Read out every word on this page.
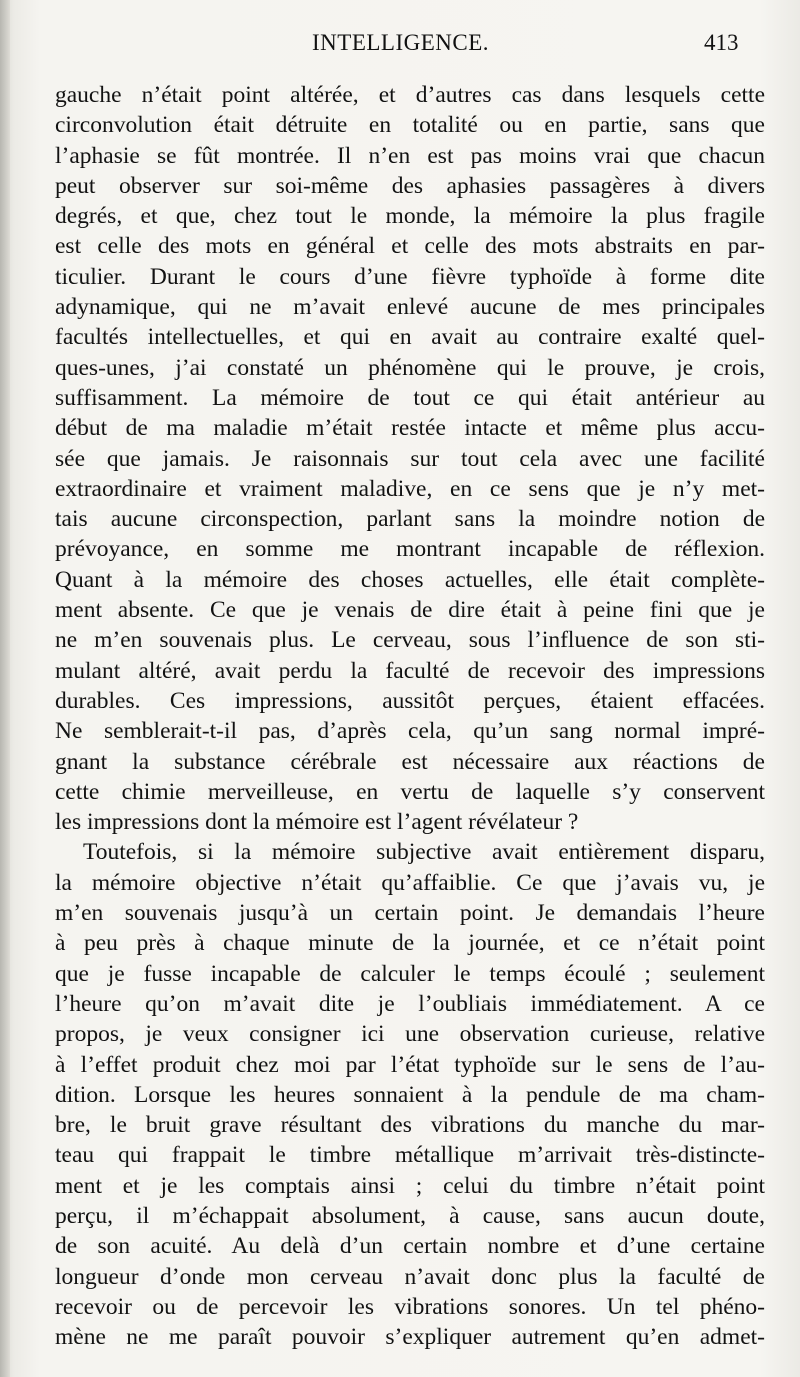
INTELLIGENCE.	413
gauche n’était point altérée, et d’autres cas dans lesquels cette
circonvolution était détruite en totalité ou en partie, sans que
l’aphasie se fût montrée. Il n’en est pas moins vrai que chacun
peut observer sur soi-même des aphasies passagères à divers
degrés, et que, chez tout le monde, la mémoire la plus fragile
est celle des mots en général et celle des mots abstraits en par-
ticulier. Durant le cours d’une fièvre typhoïde à forme dite
adynamique, qui ne m’avait enlevé aucune de mes principales
facultés intellectuelles, et qui en avait au contraire exalté quel-
ques-unes, j’ai constaté un phénomène qui le prouve, je crois,
suffisamment. La mémoire de tout ce qui était antérieur au
début de ma maladie m’était restée intacte et même plus accu-
sée que jamais. Je raisonnais sur tout cela avec une facilité
extraordinaire et vraiment maladive, en ce sens que je n’y met-
tais aucune circonspection, parlant sans la moindre notion de
prévoyance, en somme me montrant incapable de réflexion.
Quant à la mémoire des choses actuelles, elle était complète-
ment absente. Ce que je venais de dire était à peine fini que je
ne m’en souvenais plus. Le cerveau, sous l’influence de son sti-
mulant altéré, avait perdu la faculté de recevoir des impressions
durables. Ces impressions, aussitôt perçues, étaient effacées.
Ne semblerait-t-il pas, d’après cela, qu’un sang normal impré-
gnant la substance cérébrale est nécessaire aux réactions de
cette chimie merveilleuse, en vertu de laquelle s’y conservent
les impressions dont la mémoire est l’agent révélateur ?
Toutefois, si la mémoire subjective avait entièrement disparu,
la mémoire objective n’était qu’affaiblie. Ce que j’avais vu, je
m’en souvenais jusqu’à un certain point. Je demandais l’heure
à peu près à chaque minute de la journée, et ce n’était point
que je fusse incapable de calculer le temps écoulé ; seulement
l’heure qu’on m’avait dite je l’oubliais immédiatement. A ce
propos, je veux consigner ici une observation curieuse, relative
à l’effet produit chez moi par l’état typhoïde sur le sens de l’au-
dition. Lorsque les heures sonnaient à la pendule de ma cham-
bre, le bruit grave résultant des vibrations du manche du mar-
teau qui frappait le timbre métallique m’arrivait très-distincte-
ment et je les comptais ainsi ; celui du timbre n’était point
perçu, il m’échappait absolument, à cause, sans aucun doute,
de son acuité. Au delà d’un certain nombre et d’une certaine
longueur d’onde mon cerveau n’avait donc plus la faculté de
recevoir ou de percevoir les vibrations sonores. Un tel phéno-
mène ne me paraît pouvoir s’expliquer autrement qu’en admet-
